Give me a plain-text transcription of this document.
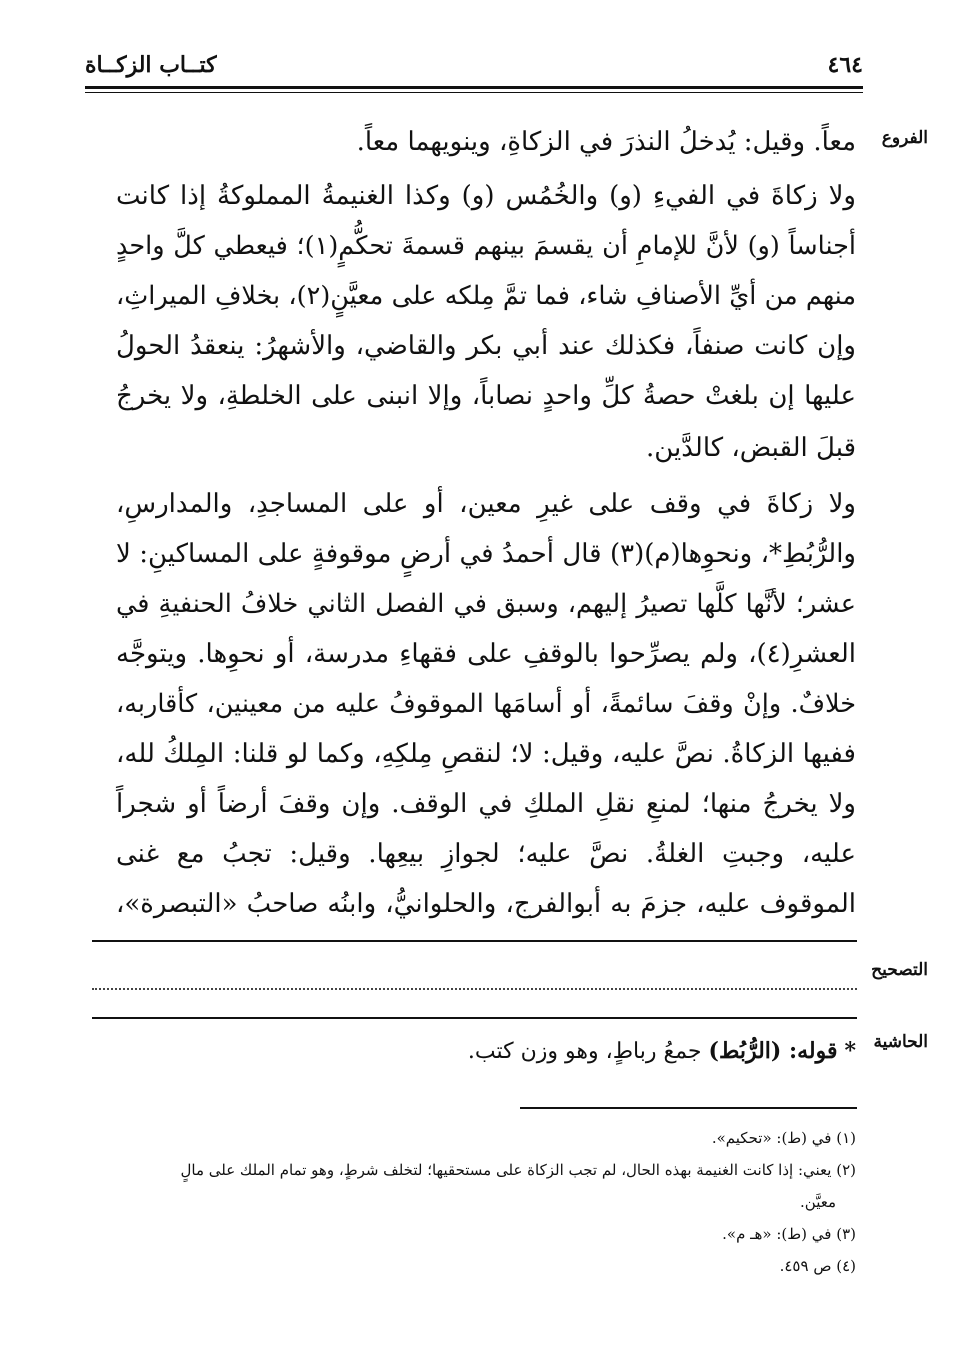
٤٦٤
كتــاب الزكــاة
الفروع
التصحيح
الحاشية
معاً. وقيل: يُدخلُ النذرَ في الزكاةِ، وينويهما معاً.
ولا زكاةَ في الفيءِ (و) والخُمُس (و) وكذا الغنيمةُ المملوكةُ إذا كانت
أجناساً (و) لأنَّ للإمامِ أن يقسمَ بينهم قسمةَ تحكُّمٍ(١)؛ فيعطي كلَّ واحدٍ
منهم من أيِّ الأصنافِ شاء، فما تمَّ مِلكه على معيَّنٍ(٢)، بخلافِ الميراثِ،
وإن كانت صنفاً، فكذلك عند أبي بكر والقاضي، والأشهرُ: ينعقدُ الحولُ
عليها إن بلغتْ حصةُ كلِّ واحدٍ نصاباً، وإلا انبنى على الخلطةِ، ولا يخرجُ
قبلَ القبض، كالدَّين.
ولا زكاةَ في وقف على غيرِ معين، أو على المساجدِ، والمدارسِ،
والرُّبُطِ*، ونحوِها(م)(٣) قال أحمدُ في أرضٍ موقوفةٍ على المساكينِ: لا
عشر؛ لأنَّها كلَّها تصيرُ إليهم، وسبق في الفصل الثاني خلافُ الحنفيةِ في
العشرِ(٤)، ولم يصرِّحوا بالوقفِ على فقهاءِ مدرسة، أو نحوِها. ويتوجَّه
خلافٌ. وإنْ وقفَ سائمةً، أو أسامَها الموقوفُ عليه من معينين، كأقاربه،
ففيها الزكاةُ. نصَّ عليه، وقيل: لا؛ لنقصِ مِلكِهِ، وكما لو قلنا: المِلكُ لله،
ولا يخرجُ منها؛ لمنعِ نقلِ الملكِ في الوقف. وإن وقفَ أرضاً أو شجراً
عليه، وجبتِ الغلةُ. نصَّ عليه؛ لجوازِ بيعِها. وقيل: تجبُ مع غنى
الموقوف عليه، جزمَ به أبوالفرج، والحلوانيُّ، وابنُه صاحبُ «التبصرة»،
* قوله: (الرُّبُط) جمعُ رباطٍ، وهو وزن كتب.
(١) في (ط): «تحكيم».
(٢) يعني: إذا كانت الغنيمة بهذه الحال، لم تجب الزكاة على مستحقيها؛ لتخلف شرطٍ، وهو تمام الملك على مالٍ
معيَّن.
(٣) في (ط): «هـ م».
(٤) ص ٤٥٩.
